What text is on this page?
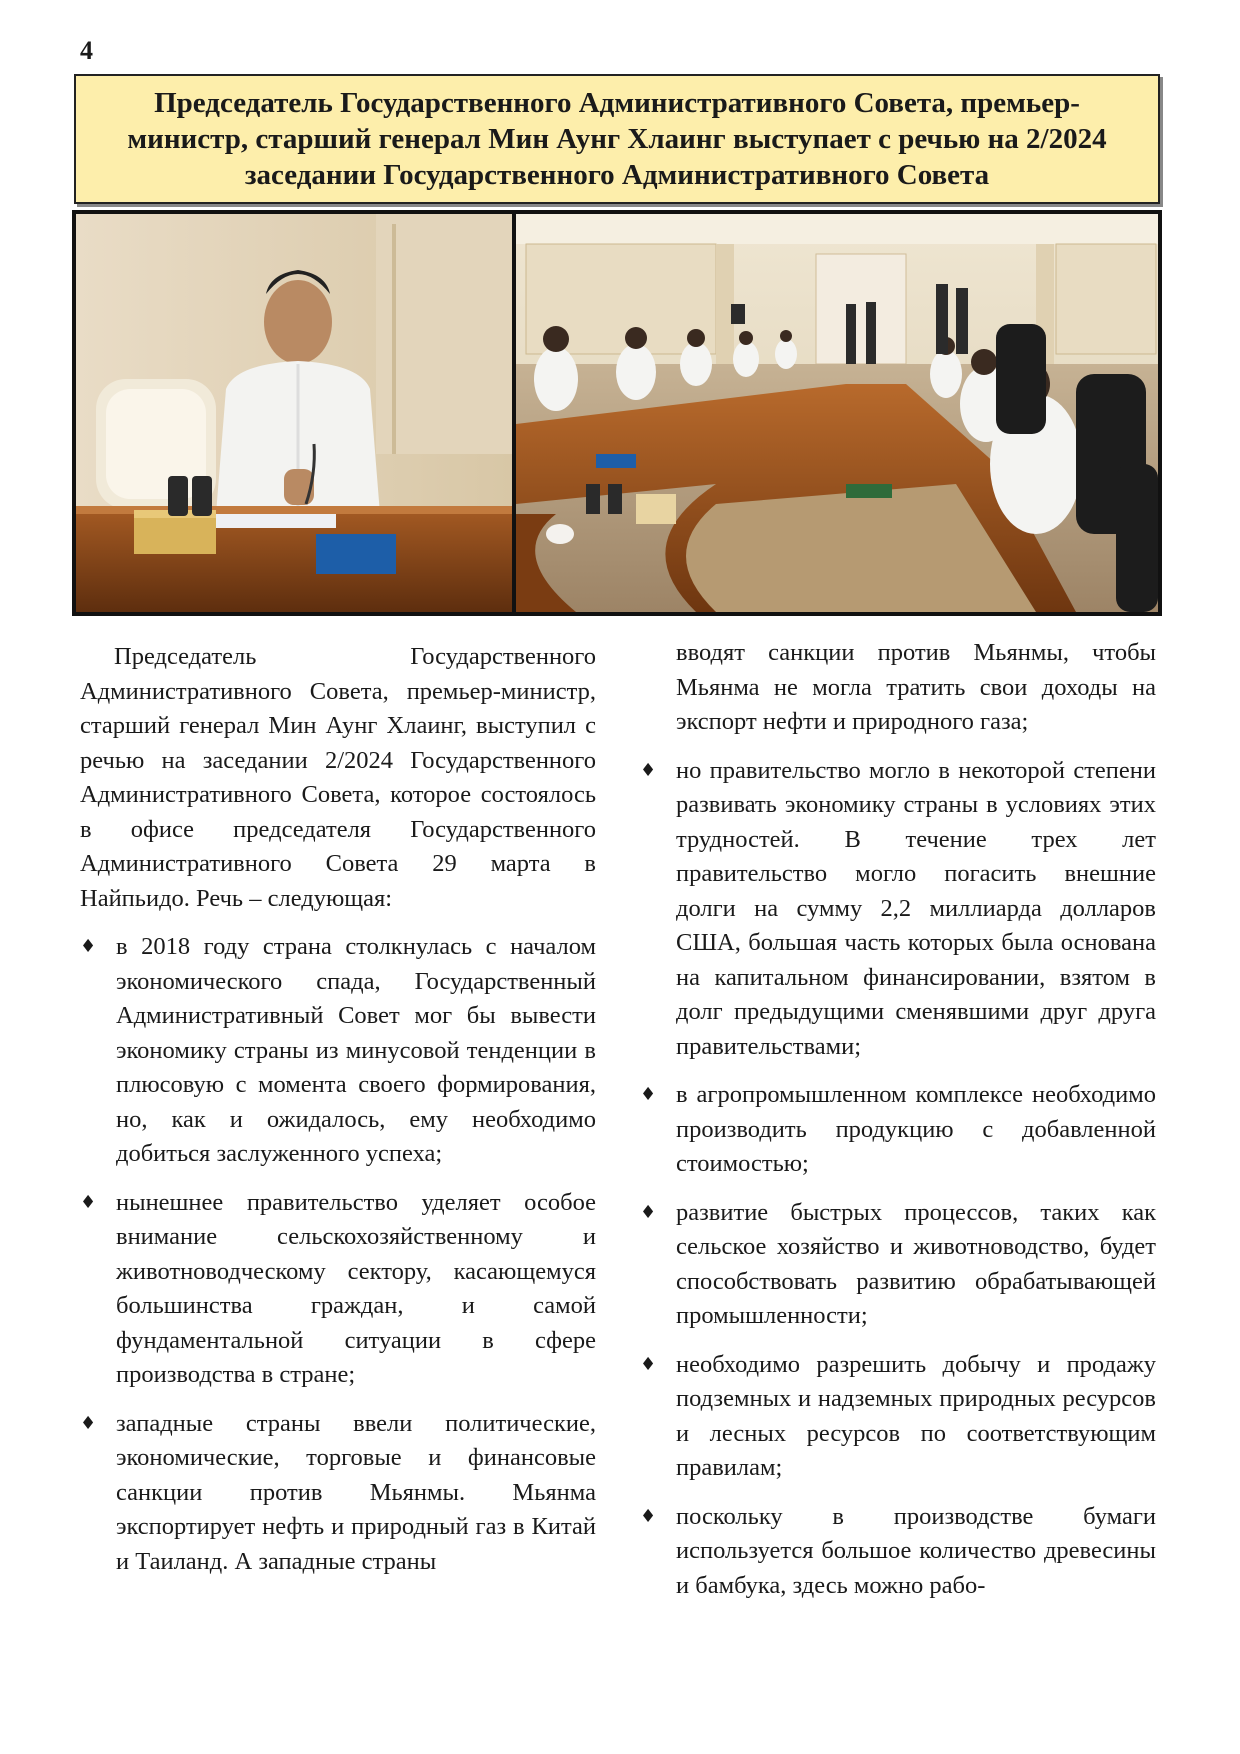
4
Председатель Государственного Административного Совета, премьер-министр, старший генерал Мин Аунг Хлаинг выступает с речью на 2/2024 заседании Государственного Административного Совета

Председатель Государственного Административного Совета, премьер-министр, старший генерал Мин Аунг Хлаинг, выступил с речью на заседании 2/2024 Государственного Административного Совета, которое состоялось в офисе председателя Государственного Административного Совета 29 марта в Найпьидо. Речь – следующая:

♦ в 2018 году страна столкнулась с началом экономического спада, Государственный Административный Совет мог бы вывести экономику страны из минусовой тенденции в плюсовую с момента своего формирования, но, как и ожидалось, ему необходимо добиться заслуженного успеха;
♦ нынешнее правительство уделяет особое внимание сельскохозяйственному и животноводческому сектору, касающемуся большинства граждан, и самой фундаментальной ситуации в сфере производства в стране;
♦ западные страны ввели политические, экономические, торговые и финансовые санкции против Мьянмы. Мьянма экспортирует нефть и природный газ в Китай и Таиланд. А западные страны

вводят санкции против Мьянмы, чтобы Мьянма не могла тратить свои доходы на экспорт нефти и природного газа;

♦ но правительство могло в некоторой степени развивать экономику страны в условиях этих трудностей. В течение трех лет правительство могло погасить внешние долги на сумму 2,2 миллиарда долларов США, большая часть которых была основана на капитальном финансировании, взятом в долг предыдущими сменявшими друг друга правительствами;
♦ в агропромышленном комплексе необходимо производить продукцию с добавленной стоимостью;
♦ развитие быстрых процессов, таких как сельское хозяйство и животноводство, будет способствовать развитию обрабатывающей промышленности;
♦ необходимо разрешить добычу и продажу подземных и надземных природных ресурсов и лесных ресурсов по соответствующим правилам;
♦ поскольку в производстве бумаги используется большое количество древесины и бамбука, здесь можно рабо-
